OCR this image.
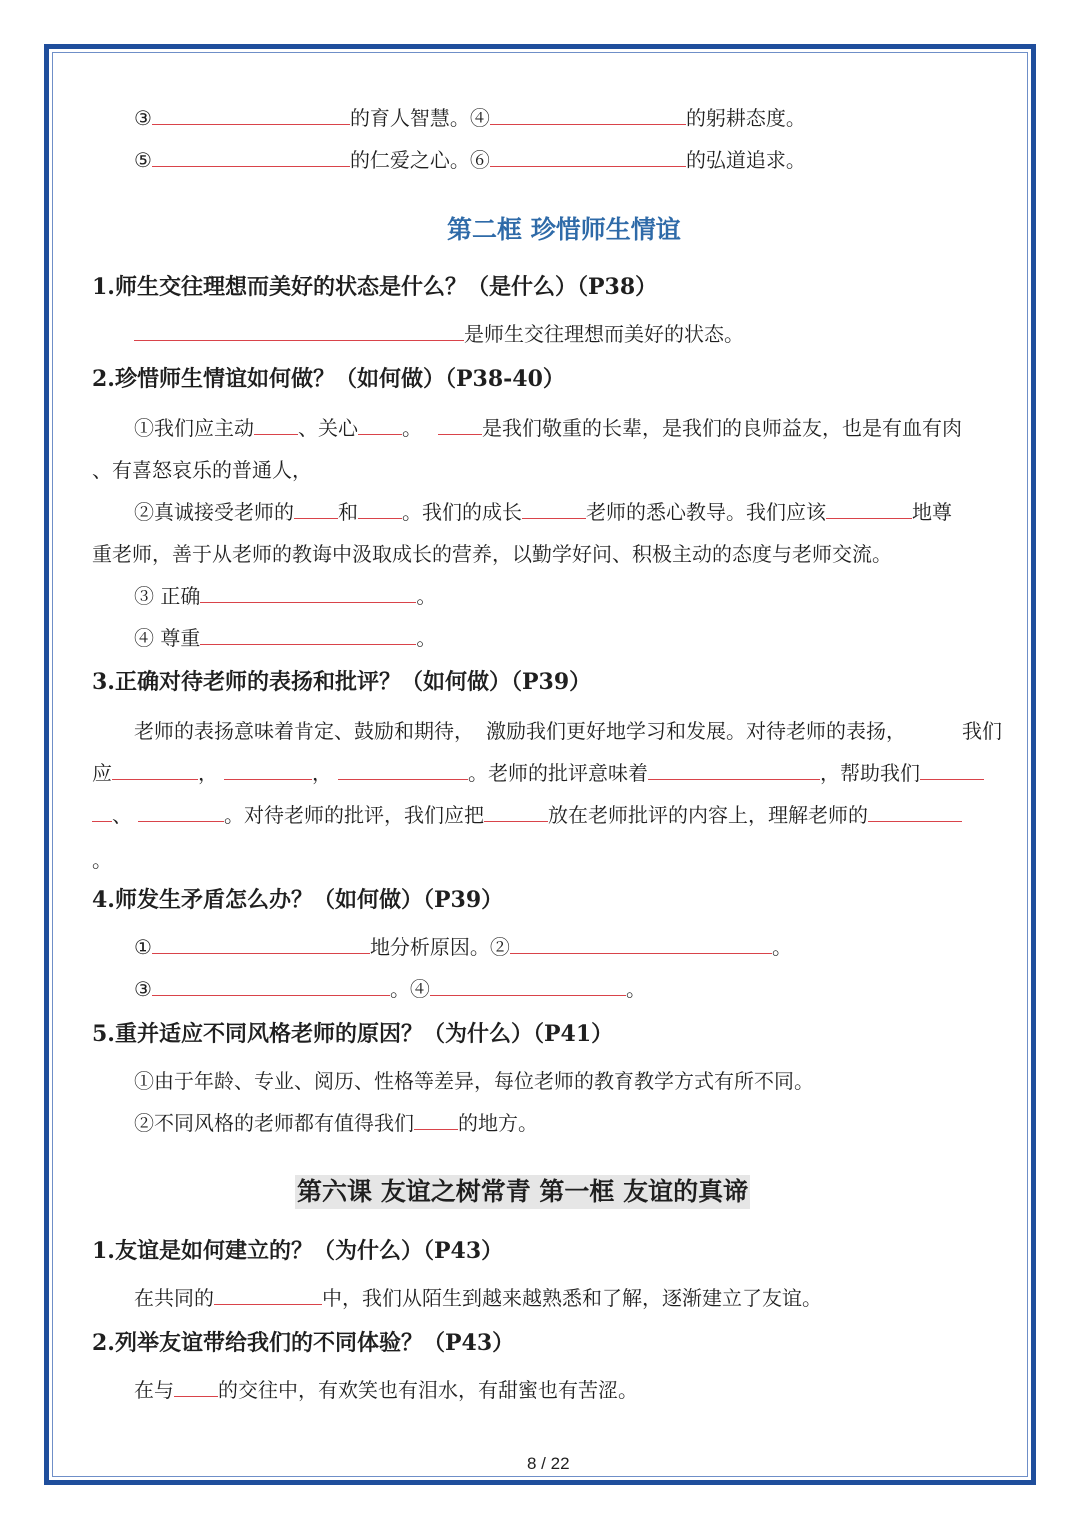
③	的育人智慧。④	的躬耕态度。
⑤	的仁爱之心。⑥	的弘道追求。
第二框 珍惜师生情谊
1.师生交往理想而美好的状态是什么？（是什么）（P38）
是师生交往理想而美好的状态。
2.珍惜师生情谊如何做？（如何做）（P38-40）
①我们应主动 、关心 。	是我们敬重的长辈，是我们的良师益友，也是有血有肉
、有喜怒哀乐的普通人，
②真诚接受老师的 和 。我们的成长	老师的悉心教导。我们应该	地尊
重老师，善于从老师的教诲中汲取成长的营养，以勤学好问、积极主动的态度与老师交流。
③ 正确	。
④ 尊重	。
3.正确对待老师的表扬和批评？（如何做）（P39）
老师的表扬意味着肯定、鼓励和期待， 激励我们更好地学习和发展。对待老师的表扬，	我们
应	，	，	。老师的批评意味着	，帮助我们
、	。对待老师的批评，我们应把	放在老师批评的内容上，理解老师的
。
4.师发生矛盾怎么办？（如何做）（P39）
①	地分析原因。②	。
③	。④	。
5.重并适应不同风格老师的原因？（为什么）（P41）
①由于年龄、专业、阅历、性格等差异，每位老师的教育教学方式有所不同。
②不同风格的老师都有值得我们 的地方。
第六课 友谊之树常青 第一框 友谊的真谛
1.友谊是如何建立的？（为什么）（P43）
在共同的	中，我们从陌生到越来越熟悉和了解，逐渐建立了友谊。
2.列举友谊带给我们的不同体验？（P43）
在与 的交往中，有欢笑也有泪水，有甜蜜也有苦涩。
8 / 22
